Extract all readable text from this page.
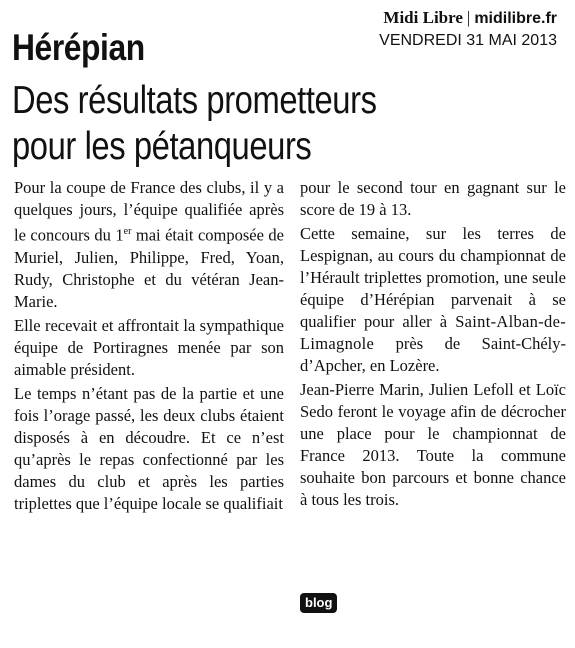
Midi Libre | midilibre.fr
VENDREDI 31 MAI 2013
Hérépian
Des résultats prometteurs
pour les pétanqueurs

Pour la coupe de France des clubs, il y a quelques jours, l’équipe qualifiée après le concours du 1er mai était composée de Muriel, Julien, Philippe, Fred, Yoan, Rudy, Christophe et du vétéran Jean-Marie.

Elle recevait et affrontait la sympathique équipe de Portiragnes menée par son aimable président.

Le temps n’étant pas de la partie et une fois l’orage passé, les deux clubs étaient disposés à en découdre. Et ce n’est qu’après le repas confectionné par les dames du club et après les parties triplettes que l’équipe locale se qualifiait

pour le second tour en gagnant sur le score de 19 à 13.

Cette semaine, sur les terres de Lespignan, au cours du championnat de l’Hérault triplettes promotion, une seule équipe d’Hérépian parvenait à se qualifier pour aller à Saint-Alban-de-Limagnole près de Saint-Chély-d’Apcher, en Lozère.

Jean-Pierre Marin, Julien Lefoll et Loïc Sedo feront le voyage afin de décrocher une place pour le championnat de France 2013. Toute la commune souhaite bon parcours et bonne chance à tous les trois.

blog
